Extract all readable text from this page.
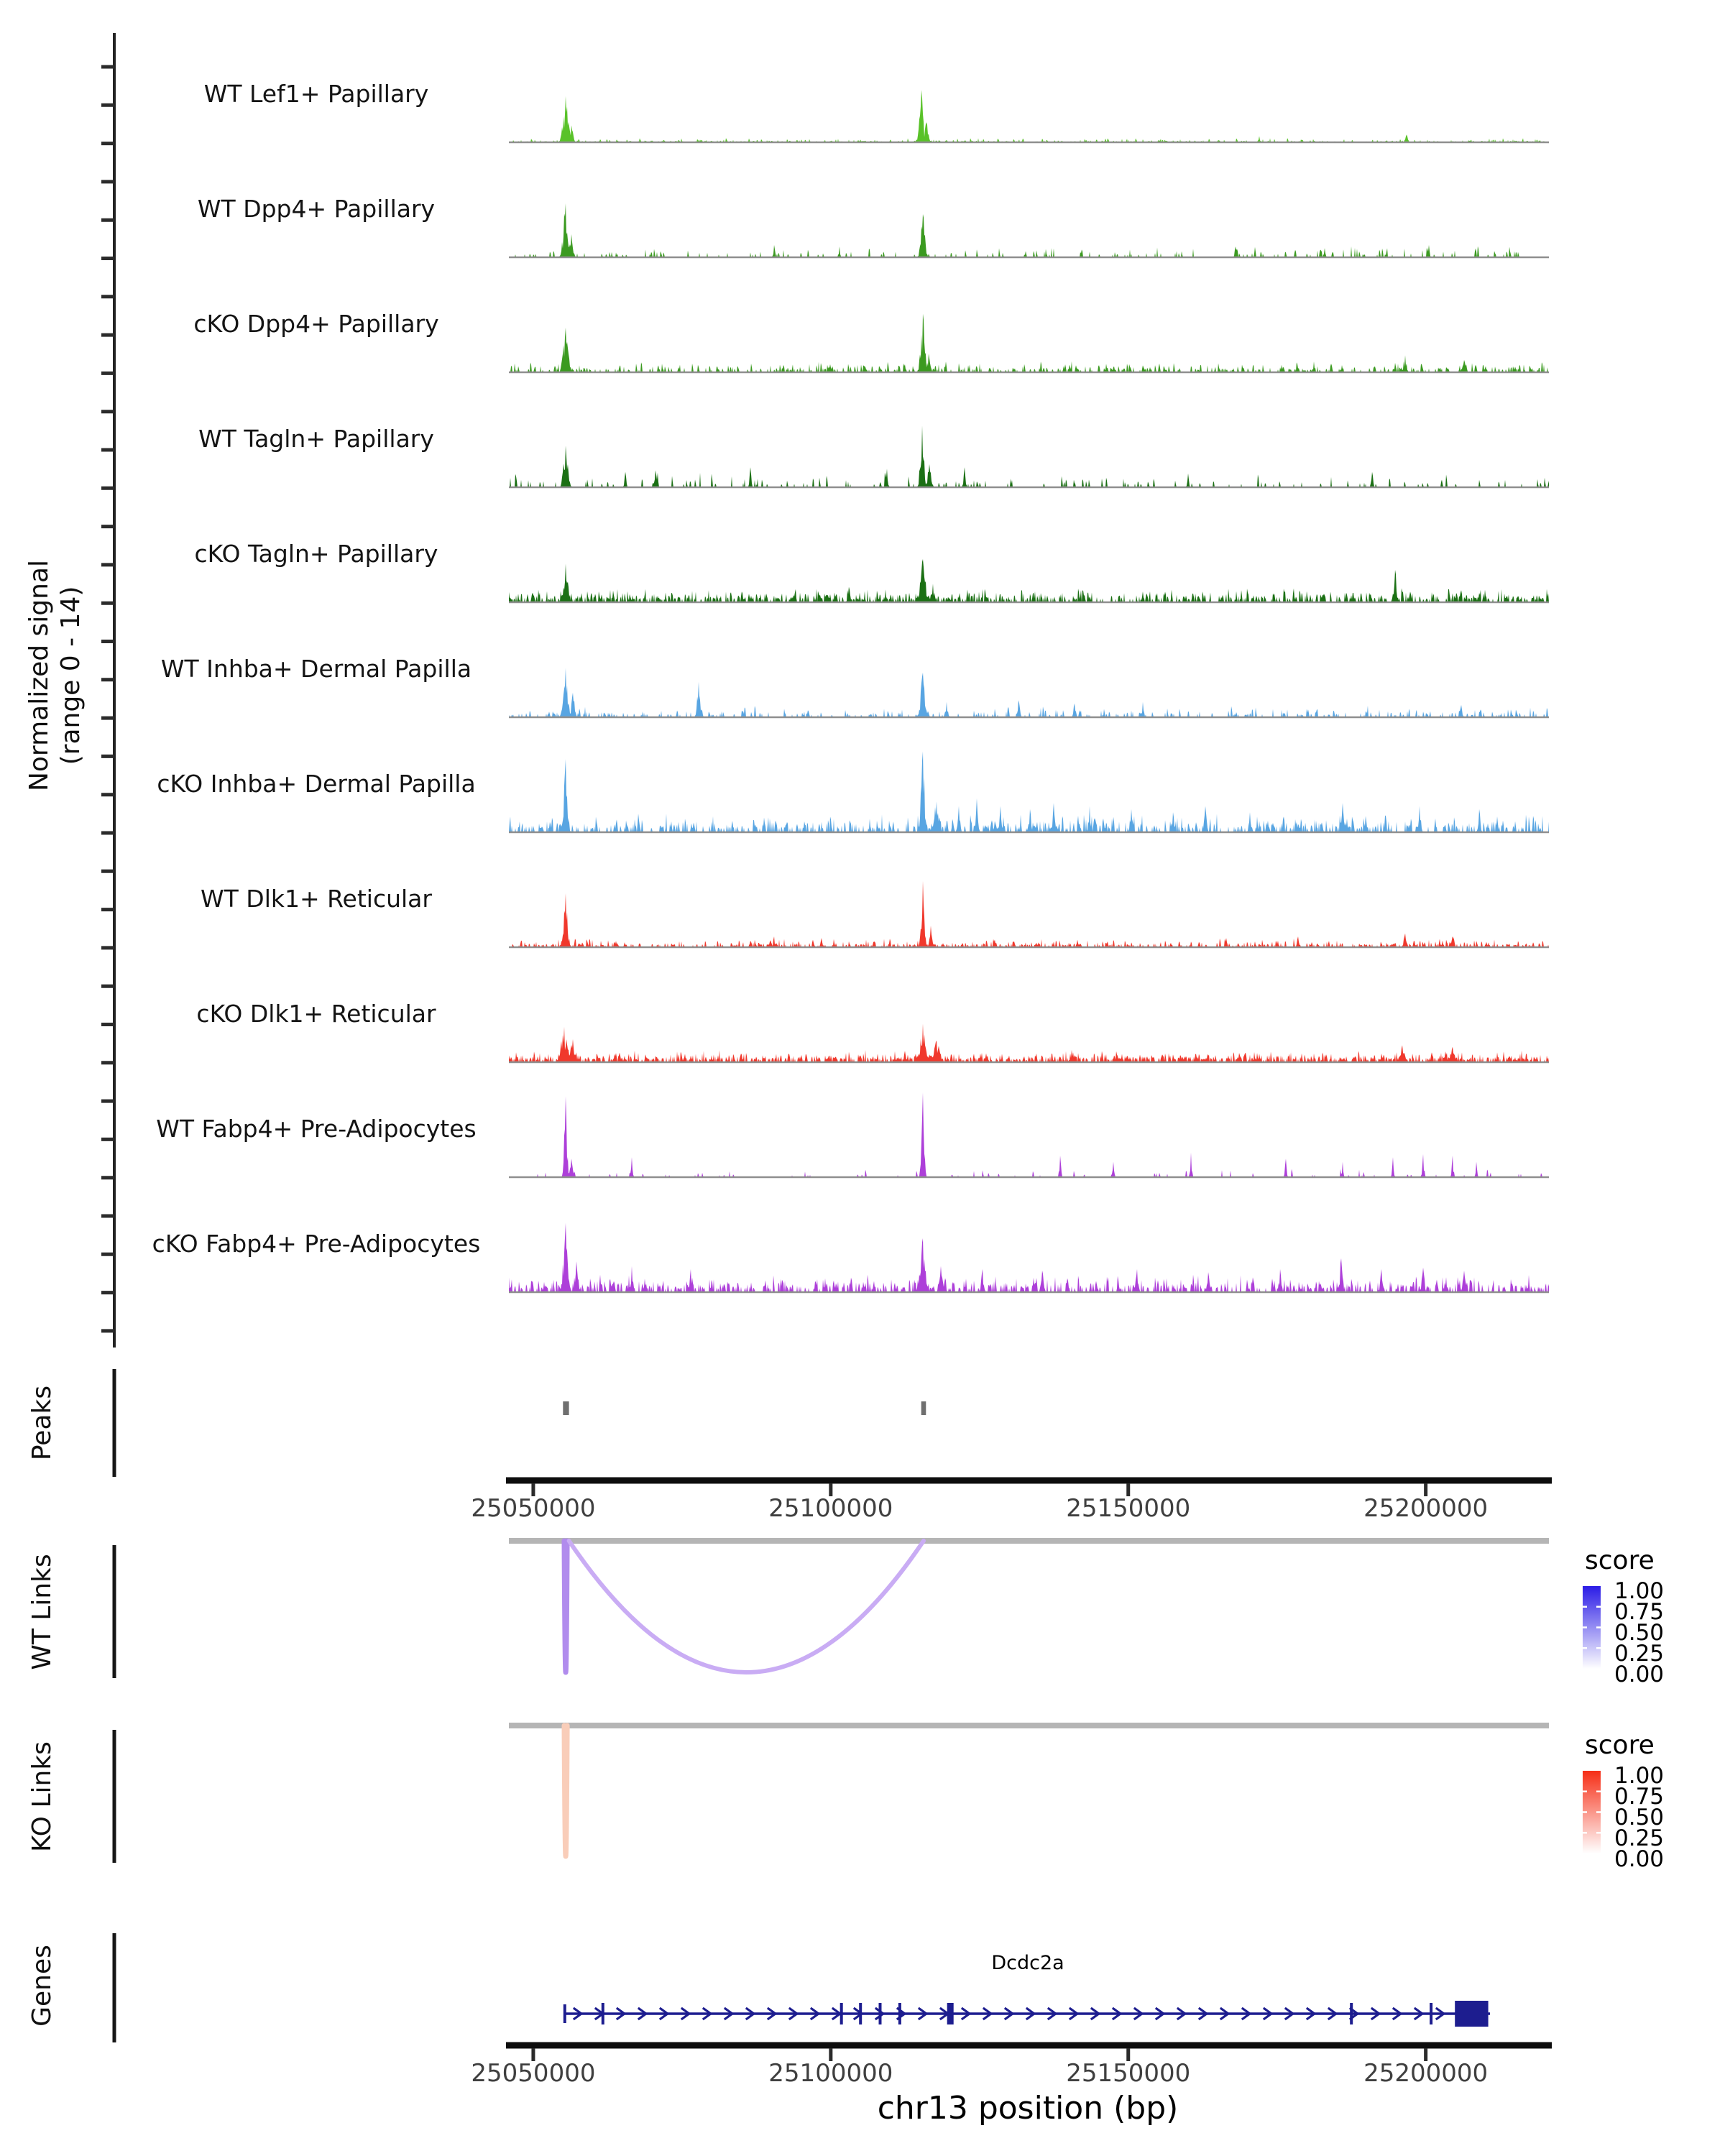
WT Lef1+ Papillary
WT Dpp4+ Papillary
cKO Dpp4+ Papillary
WT Tagln+ Papillary
cKO Tagln+ Papillary
WT Inhba+ Dermal Papilla
cKO Inhba+ Dermal Papilla
WT Dlk1+ Reticular
cKO Dlk1+ Reticular
WT Fabp4+ Pre-Adipocytes
cKO Fabp4+ Pre-Adipocytes
25050000	25100000	25150000	25200000
25050000	25100000	25150000	25200000
score
1.00
0.75
0.50
0.25
0.00
score
1.00
0.75
0.50
0.25
0.00
Normalized signal (range 0 - 14)
Peaks
WT Links
KO Links
Genes	Dcdc2a
chr13 position (bp)
